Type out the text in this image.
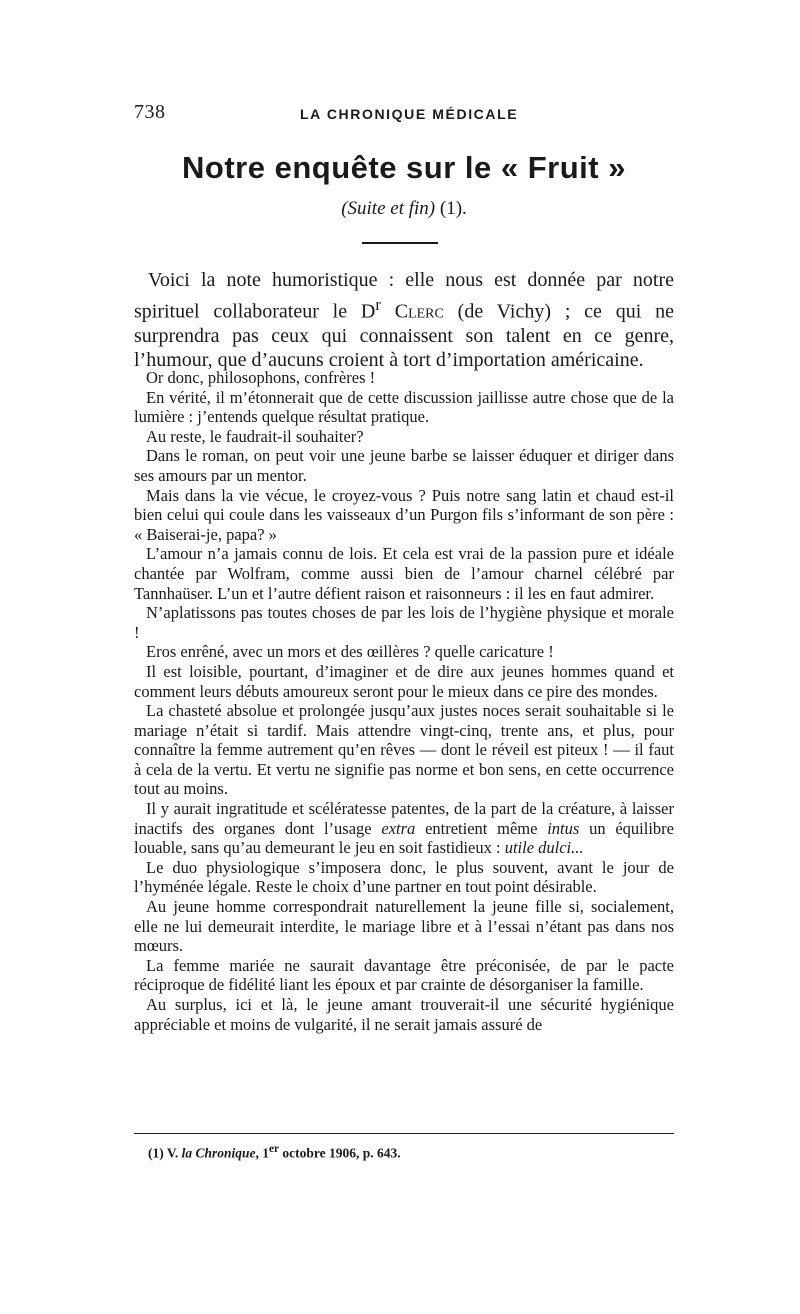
738	LA CHRONIQUE MÉDICALE
Notre enquête sur le « Fruit »
(Suite et fin) (1).

Voici la note humoristique : elle nous est donnée par notre spirituel collaborateur le $D^r$ Clerc (de Vichy) ; ce qui ne surprendra pas ceux qui connaissent son talent en ce genre, l’humour, que d’aucuns croient à tort d’importation américaine.

Or donc, philosophons, confrères !

En vérité, il m’étonnerait que de cette discussion jaillisse autre chose que de la lumière : j’entends quelque résultat pratique.

Au reste, le faudrait-il souhaiter?

Dans le roman, on peut voir une jeune barbe se laisser éduquer et diriger dans ses amours par un mentor.

Mais dans la vie vécue, le croyez-vous ? Puis notre sang latin et chaud est-il bien celui qui coule dans les vaisseaux d’un Purgon fils s’informant de son père : « Baiserai-je, papa? »

L’amour n’a jamais connu de lois. Et cela est vrai de la passion pure et idéale chantée par Wolfram, comme aussi bien de l’amour charnel célébré par Tannhaüser. L’un et l’autre défient raison et raisonneurs : il les en faut admirer.

N’aplatissons pas toutes choses de par les lois de l’hygiène physique et morale !

Eros enrêné, avec un mors et des œillères ? quelle caricature !

Il est loisible, pourtant, d’imaginer et de dire aux jeunes hommes quand et comment leurs débuts amoureux seront pour le mieux dans ce pire des mondes.

La chasteté absolue et prolongée jusqu’aux justes noces serait souhaitable si le mariage n’était si tardif. Mais attendre vingt-cinq, trente ans, et plus, pour connaître la femme autrement qu’en rêves — dont le réveil est piteux ! — il faut à cela de la vertu. Et vertu ne signifie pas norme et bon sens, en cette occurrence tout au moins.

Il y aurait ingratitude et scélératesse patentes, de la part de la créature, à laisser inactifs des organes dont l’usage extra entretient même intus un équilibre louable, sans qu’au demeurant le jeu en soit fastidieux : utile dulci...

Le duo physiologique s’imposera donc, le plus souvent, avant le jour de l’hyménée légale. Reste le choix d’une partner en tout point désirable.

Au jeune homme correspondrait naturellement la jeune fille si, socialement, elle ne lui demeurait interdite, le mariage libre et à l’essai n’étant pas dans nos mœurs.

La femme mariée ne saurait davantage être préconisée, de par le pacte réciproque de fidélité liant les époux et par crainte de désorganiser la famille.

Au surplus, ici et là, le jeune amant trouverait-il une sécurité hygiénique appréciable et moins de vulgarité, il ne serait jamais assuré de

(1) V. la Chronique, 1er octobre 1906, p. 643.
